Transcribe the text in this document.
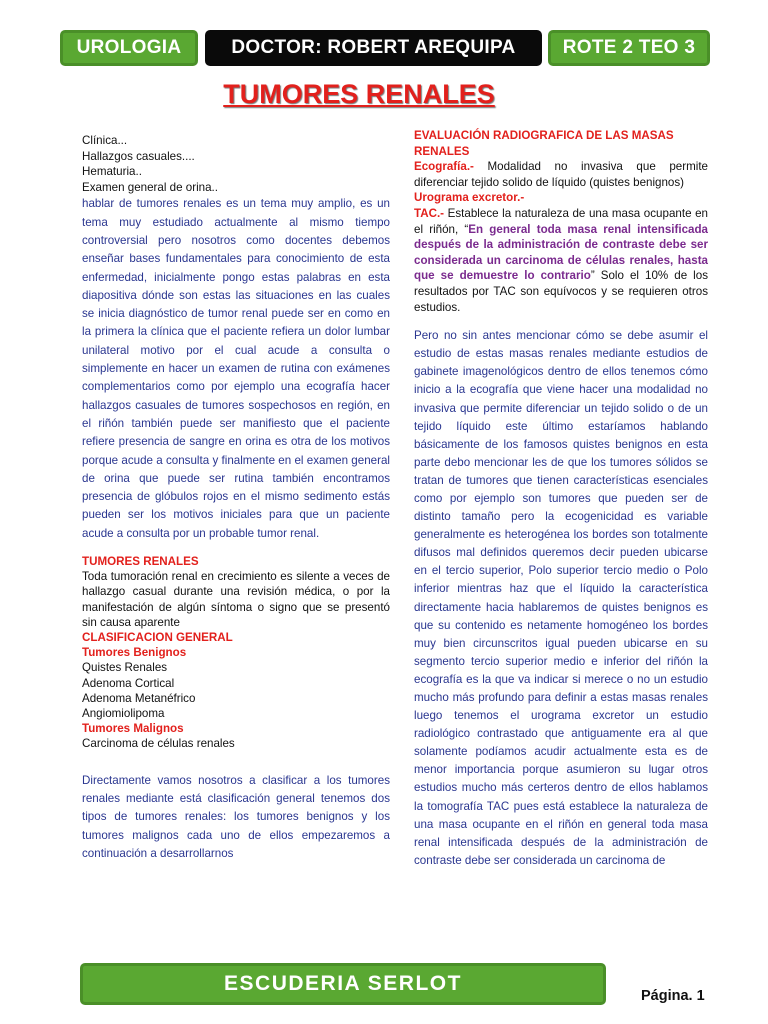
UROLOGIA	DOCTOR: ROBERT AREQUIPA	ROTE 2 TEO 3
TUMORES RENALES
Clínica...
Hallazgos casuales....
Hematuria..
Examen general de orina..

hablar de tumores renales es un tema muy amplio, es un tema muy estudiado actualmente al mismo tiempo controversial pero nosotros como docentes debemos enseñar bases fundamentales para conocimiento de esta enfermedad, inicialmente pongo estas palabras en esta diapositiva dónde son estas las situaciones en las cuales se inicia diagnóstico de tumor renal puede ser en como en la primera la clínica que el paciente refiera un dolor lumbar unilateral motivo por el cual acude a consulta o simplemente en hacer un examen de rutina con exámenes complementarios como por ejemplo una ecografía hacer hallazgos casuales de tumores sospechosos en región, en el riñón también puede ser manifiesto que el paciente refiere presencia de sangre en orina es otra de los motivos porque acude a consulta y finalmente en el examen general de orina que puede ser rutina también encontramos presencia de glóbulos rojos en el mismo sedimento estás pueden ser los motivos iniciales para que un paciente acude a consulta por un probable tumor renal.

TUMORES RENALES

Toda tumoración renal en crecimiento es silente a veces de hallazgo casual durante una revisión médica, o por la manifestación de algún síntoma o signo que se presentó sin causa aparente

CLASIFICACION GENERAL
Tumores Benignos
Quistes Renales
Adenoma Cortical
Adenoma Metanéfrico
Angiomiolipoma
Tumores Malignos
Carcinoma de células renales

Directamente vamos nosotros a clasificar a los tumores renales mediante está clasificación general tenemos dos tipos de tumores renales: los tumores benignos y los tumores malignos cada uno de ellos empezaremos a continuación a desarrollarnos

EVALUACIÓN RADIOGRAFICA DE LAS MASAS RENALES

Ecografía.- Modalidad no invasiva que permite diferenciar tejido solido de líquido (quistes benignos)

Urograma excretor.-

TAC.- Establece la naturaleza de una masa ocupante en el riñón, “En general toda masa renal intensificada después de la administración de contraste debe ser considerada un carcinoma de células renales, hasta que se demuestre lo contrario” Solo el 10% de los resultados por TAC son equívocos y se requieren otros estudios.

Pero no sin antes mencionar cómo se debe asumir el estudio de estas masas renales mediante estudios de gabinete imagenológicos dentro de ellos tenemos cómo inicio a la ecografía que viene hacer una modalidad no invasiva que permite diferenciar un tejido solido o de un tejido líquido este último estaríamos hablando básicamente de los famosos quistes benignos en esta parte debo mencionar les de que los tumores sólidos se tratan de tumores que tienen características esenciales como por ejemplo son tumores que pueden ser de distinto tamaño pero la ecogenicidad es variable generalmente es heterogénea los bordes son totalmente difusos mal definidos queremos decir pueden ubicarse en el tercio superior, Polo superior tercio medio o Polo inferior mientras haz que el líquido la característica directamente hacia hablaremos de quistes benignos es que su contenido es netamente homogéneo los bordes muy bien circunscritos igual pueden ubicarse en su segmento tercio superior medio e inferior del riñón la ecografía es la que va indicar si merece o no un estudio mucho más profundo para definir a estas masas renales luego tenemos el urograma excretor un estudio radiológico contrastado que antiguamente era al que solamente podíamos acudir actualmente esta es de menor importancia porque asumieron su lugar otros estudios mucho más certeros dentro de ellos hablamos la tomografía TAC pues está establece la naturaleza de una masa ocupante en el riñón en general toda masa renal intensificada después de la administración de contraste debe ser considerada un carcinoma de

ESCUDERIA SERLOT
Página. 1
